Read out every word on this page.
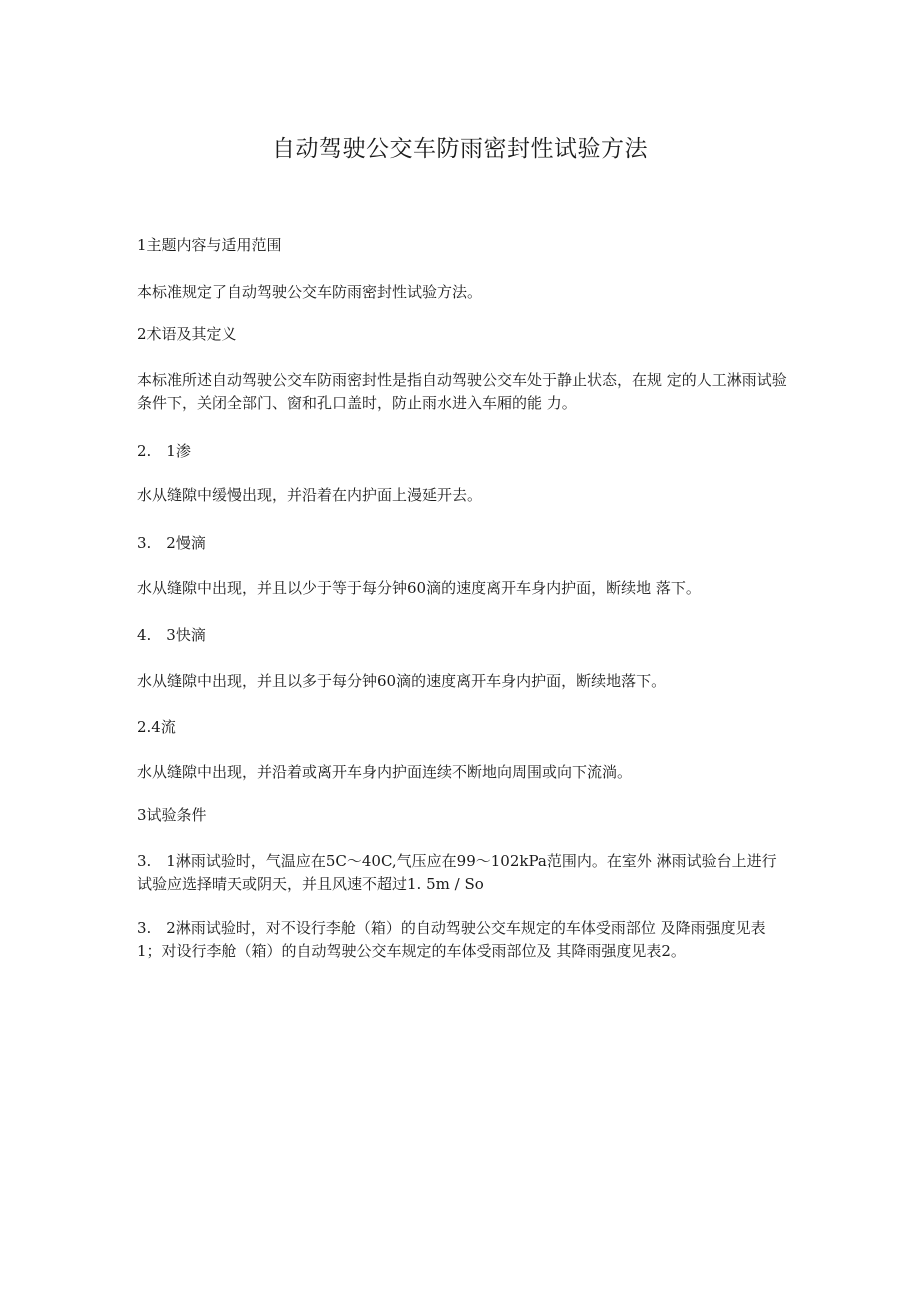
自动驾驶公交车防雨密封性试验方法

1主题内容与适用范围

本标准规定了自动驾驶公交车防雨密封性试验方法。

2术语及其定义

本标准所述自动驾驶公交车防雨密封性是指自动驾驶公交车处于静止状态，在规 定的人工淋雨试验条件下，关闭全部门、窗和孔口盖时，防止雨水进入车厢的能 力。

2.　1渗

水从缝隙中缓慢出现，并沿着在内护面上漫延开去。

3.　2慢滴

水从缝隙中出现，并且以少于等于每分钟60滴的速度离开车身内护面，断续地 落下。

4.　3快滴

水从缝隙中出现，并且以多于每分钟60滴的速度离开车身内护面，断续地落下。

2.4流

水从缝隙中出现，并沿着或离开车身内护面连续不断地向周围或向下流淌。

3试验条件

3.　1淋雨试验时，气温应在5C～40C,气压应在99～102kPa范围内。在室外 淋雨试验台上进行试验应选择晴天或阴天，并且风速不超过1. 5m / So

3.　2淋雨试验时，对不设行李舱（箱）的自动驾驶公交车规定的车体受雨部位 及降雨强度见表1；对设行李舱（箱）的自动驾驶公交车规定的车体受雨部位及 其降雨强度见表2。
